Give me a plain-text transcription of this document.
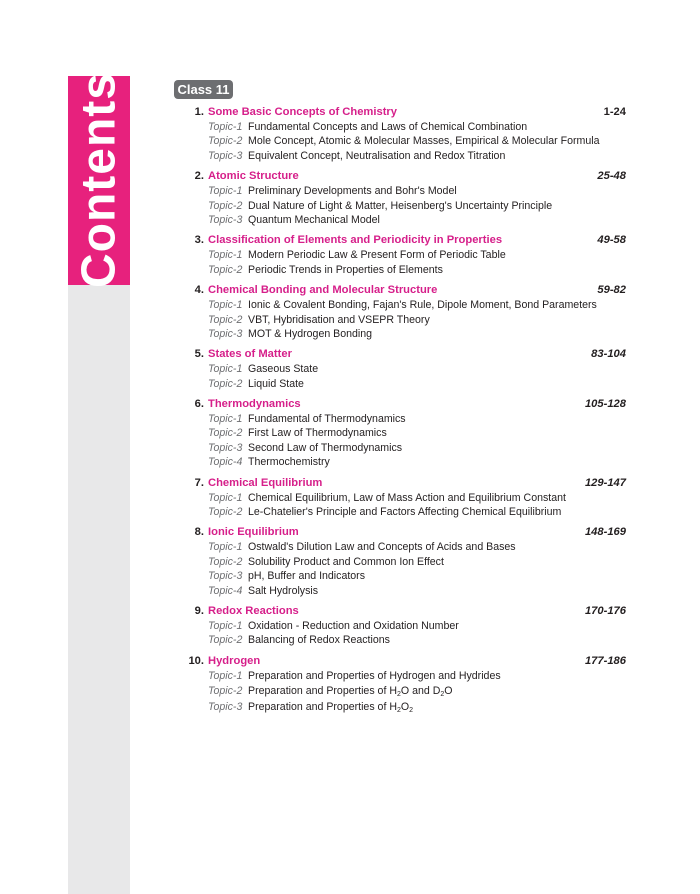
Contents	Class 11
1. Some Basic Concepts of Chemistry	1-24
Topic-1 Fundamental Concepts and Laws of Chemical Combination
Topic-2 Mole Concept, Atomic & Molecular Masses, Empirical & Molecular Formula
Topic-3 Equivalent Concept, Neutralisation and Redox Titration
2. Atomic Structure	25-48
Topic-1 Preliminary Developments and Bohr's Model
Topic-2 Dual Nature of Light & Matter, Heisenberg's Uncertainty Principle
Topic-3 Quantum Mechanical Model
3. Classification of Elements and Periodicity in Properties	49-58
Topic-1 Modern Periodic Law & Present Form of Periodic Table
Topic-2 Periodic Trends in Properties of Elements
4. Chemical Bonding and Molecular Structure	59-82
Topic-1 Ionic & Covalent Bonding, Fajan's Rule, Dipole Moment, Bond Parameters
Topic-2 VBT, Hybridisation and VSEPR Theory
Topic-3 MOT & Hydrogen Bonding
5. States of Matter	83-104
Topic-1 Gaseous State
Topic-2 Liquid State
6. Thermodynamics	105-128
Topic-1 Fundamental of Thermodynamics
Topic-2 First Law of Thermodynamics
Topic-3 Second Law of Thermodynamics
Topic-4 Thermochemistry
7. Chemical Equilibrium	129-147
Topic-1 Chemical Equilibrium, Law of Mass Action and Equilibrium Constant
Topic-2 Le-Chatelier's Principle and Factors Affecting Chemical Equilibrium
8. Ionic Equilibrium	148-169
Topic-1 Ostwald's Dilution Law and Concepts of Acids and Bases
Topic-2 Solubility Product and Common Ion Effect
Topic-3 pH, Buffer and Indicators
Topic-4 Salt Hydrolysis
9. Redox Reactions	170-176
Topic-1 Oxidation - Reduction and Oxidation Number
Topic-2 Balancing of Redox Reactions
10. Hydrogen	177-186
Topic-1 Preparation and Properties of Hydrogen and Hydrides
Topic-2 Preparation and Properties of $H_2O$ and $D_2O$
Topic-3 Preparation and Properties of $H_2O_2$
